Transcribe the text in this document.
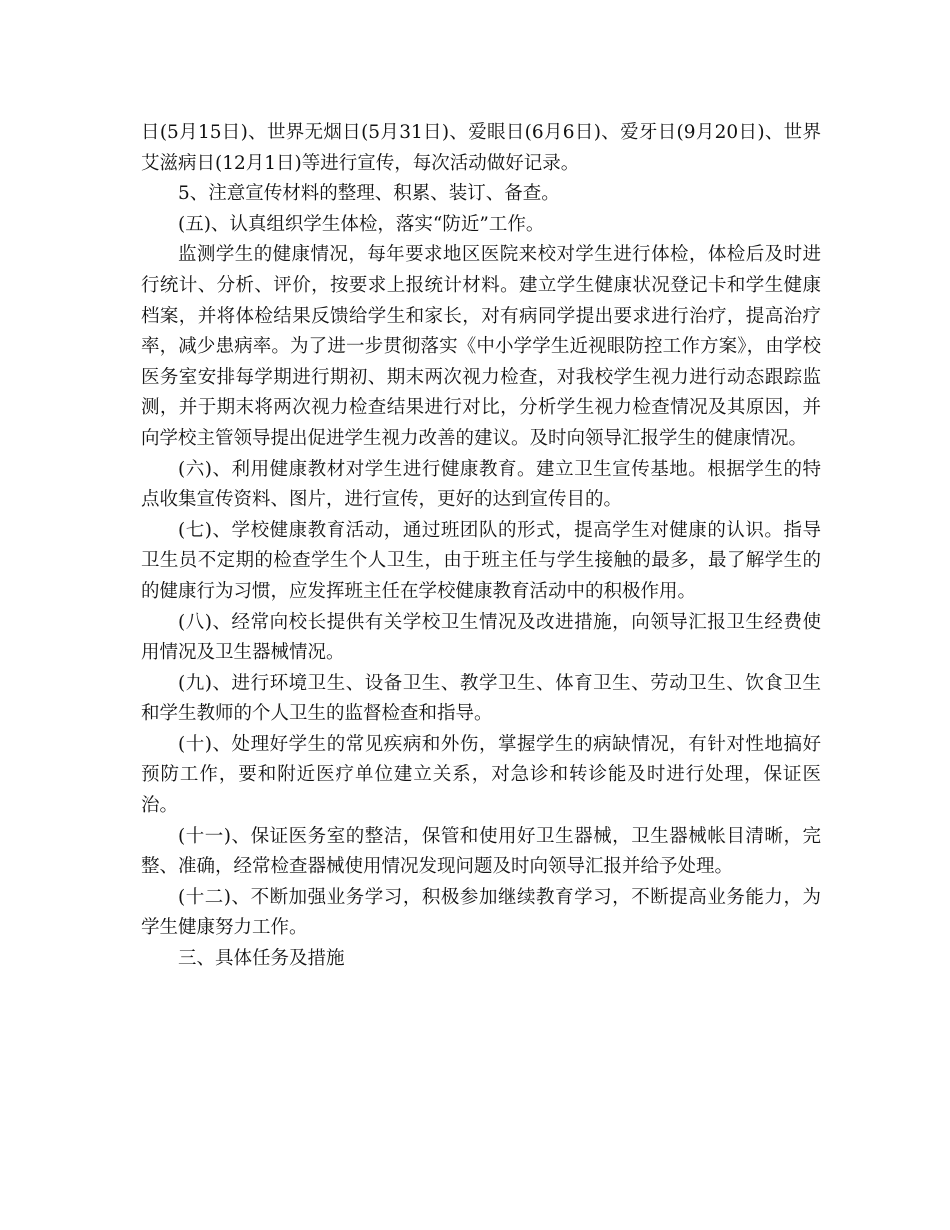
日(5月15日)、世界无烟日(5月31日)、爱眼日(6月6日)、爱牙日(9月20日)、世界艾滋病日(12月1日)等进行宣传，每次活动做好记录。

5、注意宣传材料的整理、积累、装订、备查。

(五)、认真组织学生体检，落实“防近”工作。

监测学生的健康情况，每年要求地区医院来校对学生进行体检，体检后及时进行统计、分析、评价，按要求上报统计材料。建立学生健康状况登记卡和学生健康档案，并将体检结果反馈给学生和家长，对有病同学提出要求进行治疗，提高治疗率，减少患病率。为了进一步贯彻落实《中小学学生近视眼防控工作方案》，由学校医务室安排每学期进行期初、期末两次视力检查，对我校学生视力进行动态跟踪监测，并于期末将两次视力检查结果进行对比，分析学生视力检查情况及其原因，并向学校主管领导提出促进学生视力改善的建议。及时向领导汇报学生的健康情况。

(六)、利用健康教材对学生进行健康教育。建立卫生宣传基地。根据学生的特点收集宣传资料、图片，进行宣传，更好的达到宣传目的。

(七)、学校健康教育活动，通过班团队的形式，提高学生对健康的认识。指导卫生员不定期的检查学生个人卫生，由于班主任与学生接触的最多，最了解学生的的健康行为习惯，应发挥班主任在学校健康教育活动中的积极作用。

(八)、经常向校长提供有关学校卫生情况及改进措施，向领导汇报卫生经费使用情况及卫生器械情况。

(九)、进行环境卫生、设备卫生、教学卫生、体育卫生、劳动卫生、饮食卫生和学生教师的个人卫生的监督检查和指导。

(十)、处理好学生的常见疾病和外伤，掌握学生的病缺情况，有针对性地搞好预防工作，要和附近医疗单位建立关系，对急诊和转诊能及时进行处理，保证医治。

(十一)、保证医务室的整洁，保管和使用好卫生器械，卫生器械帐目清晰，完整、准确，经常检查器械使用情况发现问题及时向领导汇报并给予处理。

(十二)、不断加强业务学习，积极参加继续教育学习，不断提高业务能力，为学生健康努力工作。

三、具体任务及措施
